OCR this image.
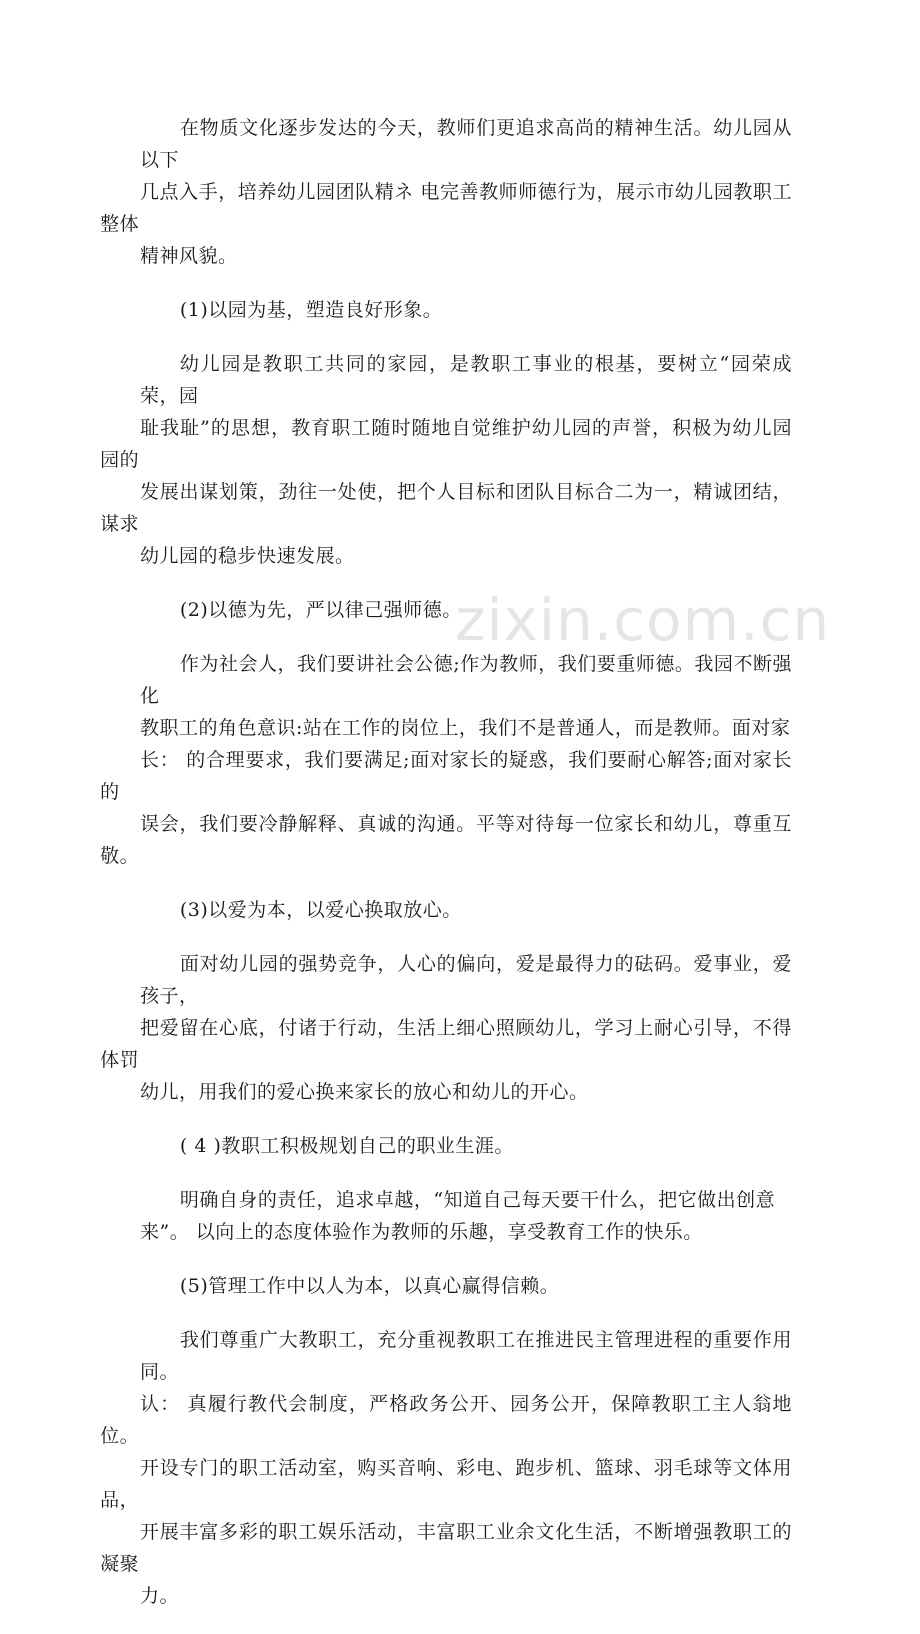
在物质文化逐步发达的今天，教师们更追求高尚的精神生活。幼儿园从以下
几点入手，培养幼儿园团队精ネ 电完善教师师德行为，展示市幼儿园教职工整体
精神风貌。
(1)以园为基，塑造良好形象。
幼儿园是教职工共同的家园，是教职工事业的根基，要树立“园荣成荣，园
耻我耻”的思想，教育职工随时随地自觉维护幼儿园的声誉，积极为幼儿园园的
发展出谋划策，劲往一处使，把个人目标和团队目标合二为一，精诚团结，谋求
幼儿园的稳步快速发展。
(2)以德为先，严以律己强师德。
作为社会人，我们要讲社会公德;作为教师，我们要重师德。我园不断强化
教职工的角色意识:站在工作的岗位上，我们不是普通人，而是教师。面对家
长： 的合理要求，我们要满足;面对家长的疑惑，我们要耐心解答;面对家长的
误会，我们要冷静解释、真诚的沟通。平等对待每一位家长和幼儿，尊重互敬。
(3)以爱为本，以爱心换取放心。
面对幼儿园的强势竞争，人心的偏向，爱是最得力的砝码。爱事业，爱孩子，
把爱留在心底，付诸于行动，生活上细心照顾幼儿，学习上耐心引导，不得体罚
幼儿，用我们的爱心换来家长的放心和幼儿的开心。
( 4 )教职工积极规划自己的职业生涯。
明确自身的责任，追求卓越，“知道自己每天要干什么，把它做出创意
来”。 以向上的态度体验作为教师的乐趣，享受教育工作的快乐。
(5)管理工作中以人为本，以真心赢得信赖。
我们尊重广大教职工，充分重视教职工在推进民主管理进程的重要作用同。
认： 真履行教代会制度，严格政务公开、园务公开，保障教职工主人翁地位。
开设专门的职工活动室，购买音响、彩电、跑步机、篮球、羽毛球等文体用品，
开展丰富多彩的职工娱乐活动，丰富职工业余文化生活，不断增强教职工的凝聚
力。
zixin.com.cn
